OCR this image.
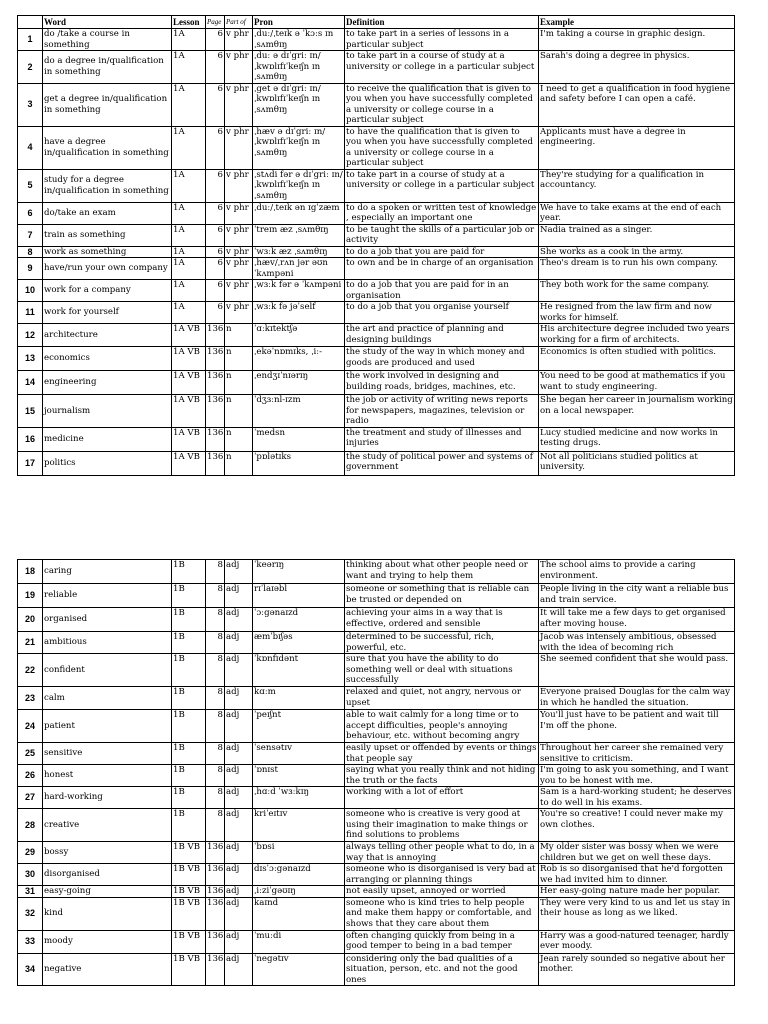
	Word	Lesson	Page	Part of	Pron	Definition	Example
1	do /take a course in something	1A	6	v phr	ˌduː/ˌteɪk ə ˈkɔːs ɪn ˌsʌmθɪŋ	to take part in a series of lessons in a particular subject	I'm taking a course in graphic design.
2	do a degree in/qualification in something	1A	6	v phr	ˌduː ə dɪˈgriː ɪn/ˌkwɒlɪfɪˈkeɪʃn ɪn ˌsʌmθɪŋ	to take part in a course of study at a university or college in a particular subject	Sarah's doing a degree in physics.
3	get a degree in/qualification in something	1A	6	v phr	ˌget ə dɪˈgriː ɪn/ˌkwɒlɪfɪˈkeɪʃn ɪn ˌsʌmθɪŋ	to receive the qualification that is given to you when you have successfully completed a university or college course in a particular subject	I need to get a qualification in food hygiene and safety before I can open a café.
4	have a degree in/qualification in something	1A	6	v phr	ˌhæv ə dɪˈgriː ɪn/ˌkwɒlɪfɪˈkeɪʃn ɪn ˌsʌmθɪŋ	to have the qualification that is given to you when you have successfully completed a university or college course in a particular subject	Applicants must have a degree in engineering.
5	study for a degree in/qualification in something	1A	6	v phr	ˌstʌdi fər ə dɪˈgriː ɪn/ˌkwɒlɪfɪˈkeɪʃn ɪn ˌsʌmθɪŋ	to take part in a course of study at a university or college in a particular subject	They're studying for a qualification in accountancy.
6	do/take an exam	1A	6	v phr	ˌduː/ˌteɪk ən ɪgˈzæm	to do a spoken or written test of knowledge , especially an important one	We have to take exams at the end of each year.
7	train as something	1A	6	v phr	ˈtreɪn æz ˌsʌmθɪŋ	to be taught the skills of a particular job or activity	Nadia trained as a singer.
8	work as something	1A	6	v phr	ˈwɜːk æz ˌsʌmθɪŋ	to do a job that you are paid for	She works as a cook in the army.
9	have/run your own company	1A	6	v phr	ˌhæv/ˌrʌn jər əʊn ˈkʌmpəni	to own and be in charge of an organisation	Theo's dream is to run his own company.
10	work for a company	1A	6	v phr	ˌwɜːk fər ə ˈkʌmpəni	to do a job that you are paid for in an organisation	They both work for the same company.
11	work for yourself	1A	6	v phr	ˌwɜːk fə jəˈself	to do a job that you organise yourself	He resigned from the law firm and now works for himself.
12	architecture	1A VB	136	n	ˈɑːkɪtektʃə	the art and practice of planning and designing buildings	His architecture degree included two years working for a firm of architects.
13	economics	1A VB	136	n	ˌekəˈnɒmɪks, ˌiː-	the study of the way in which money and goods are produced and used	Economics is often studied with politics.
14	engineering	1A VB	136	n	ˌendʒɪˈnɪərɪŋ	the work involved in designing and building roads, bridges, machines, etc.	You need to be good at mathematics if you want to study engineering.
15	journalism	1A VB	136	n	ˈdʒɜːnl-ɪzm	the job or activity of writing news reports for newspapers, magazines, television or radio	She began her career in journalism working on a local newspaper.
16	medicine	1A VB	136	n	ˈmedsn	the treatment and study of illnesses and injuries	Lucy studied medicine and now works in testing drugs.
17	politics	1A VB	136	n	ˈpɒlətɪks	the study of political power and systems of government	Not all politicians studied politics at university.
18	caring	1B	8	adj	ˈkeərɪŋ	thinking about what other people need or want and trying to help them	The school aims to provide a caring environment.
19	reliable	1B	8	adj	rɪˈlaɪəbl	someone or something that is reliable can be trusted or depended on	People living in the city want a reliable bus and train service.
20	organised	1B	8	adj	ˈɔːgənaɪzd	achieving your aims in a way that is effective, ordered and sensible	It will take me a few days to get organised after moving house.
21	ambitious	1B	8	adj	æmˈbɪʃəs	determined to be successful, rich, powerful, etc.	Jacob was intensely ambitious, obsessed with the idea of becoming rich
22	confident	1B	8	adj	ˈkɒnfɪdənt	sure that you have the ability to do something well or deal with situations successfully	She seemed confident that she would pass.
23	calm	1B	8	adj	kɑːm	relaxed and quiet, not angry, nervous or upset	Everyone praised Douglas for the calm way in which he handled the situation.
24	patient	1B	8	adj	ˈpeɪʃnt	able to wait calmly for a long time or to accept difficulties, people's annoying behaviour, etc. without becoming angry	You'll just have to be patient and wait till I'm off the phone.
25	sensitive	1B	8	adj	ˈsensətɪv	easily upset or offended by events or things that people say	Throughout her career she remained very sensitive to criticism.
26	honest	1B	8	adj	ˈɒnɪst	saying what you really think and not hiding the truth or the facts	I'm going to ask you something, and I want you to be honest with me.
27	hard-working	1B	8	adj	ˌhɑːd ˈwɜːkɪŋ	working with a lot of effort	Sam is a hard-working student; he deserves to do well in his exams.
28	creative	1B	8	adj	kriˈeɪtɪv	someone who is creative is very good at using their imagination to make things or find solutions to problems	You're so creative! I could never make my own clothes.
29	bossy	1B VB	136	adj	ˈbɒsi	always telling other people what to do, in a way that is annoying	My older sister was bossy when we were children but we get on well these days.
30	disorganised	1B VB	136	adj	dɪsˈɔːgənaɪzd	someone who is disorganised is very bad at arranging or planning things	Rob is so disorganised that he'd forgotten we had invited him to dinner.
31	easy-going	1B VB	136	adj	ˌiːziˈgəʊɪŋ	not easily upset, annoyed or worried	Her easy-going nature made her popular.
32	kind	1B VB	136	adj	kaɪnd	someone who is kind tries to help people and make them happy or comfortable, and shows that they care about them	They were very kind to us and let us stay in their house as long as we liked.
33	moody	1B VB	136	adj	ˈmuːdi	often changing quickly from being in a good temper to being in a bad temper	Harry was a good-natured teenager, hardly ever moody.
34	negative	1B VB	136	adj	ˈnegətɪv	considering only the bad qualities of a situation, person, etc. and not the good ones	Jean rarely sounded so negative about her mother.
